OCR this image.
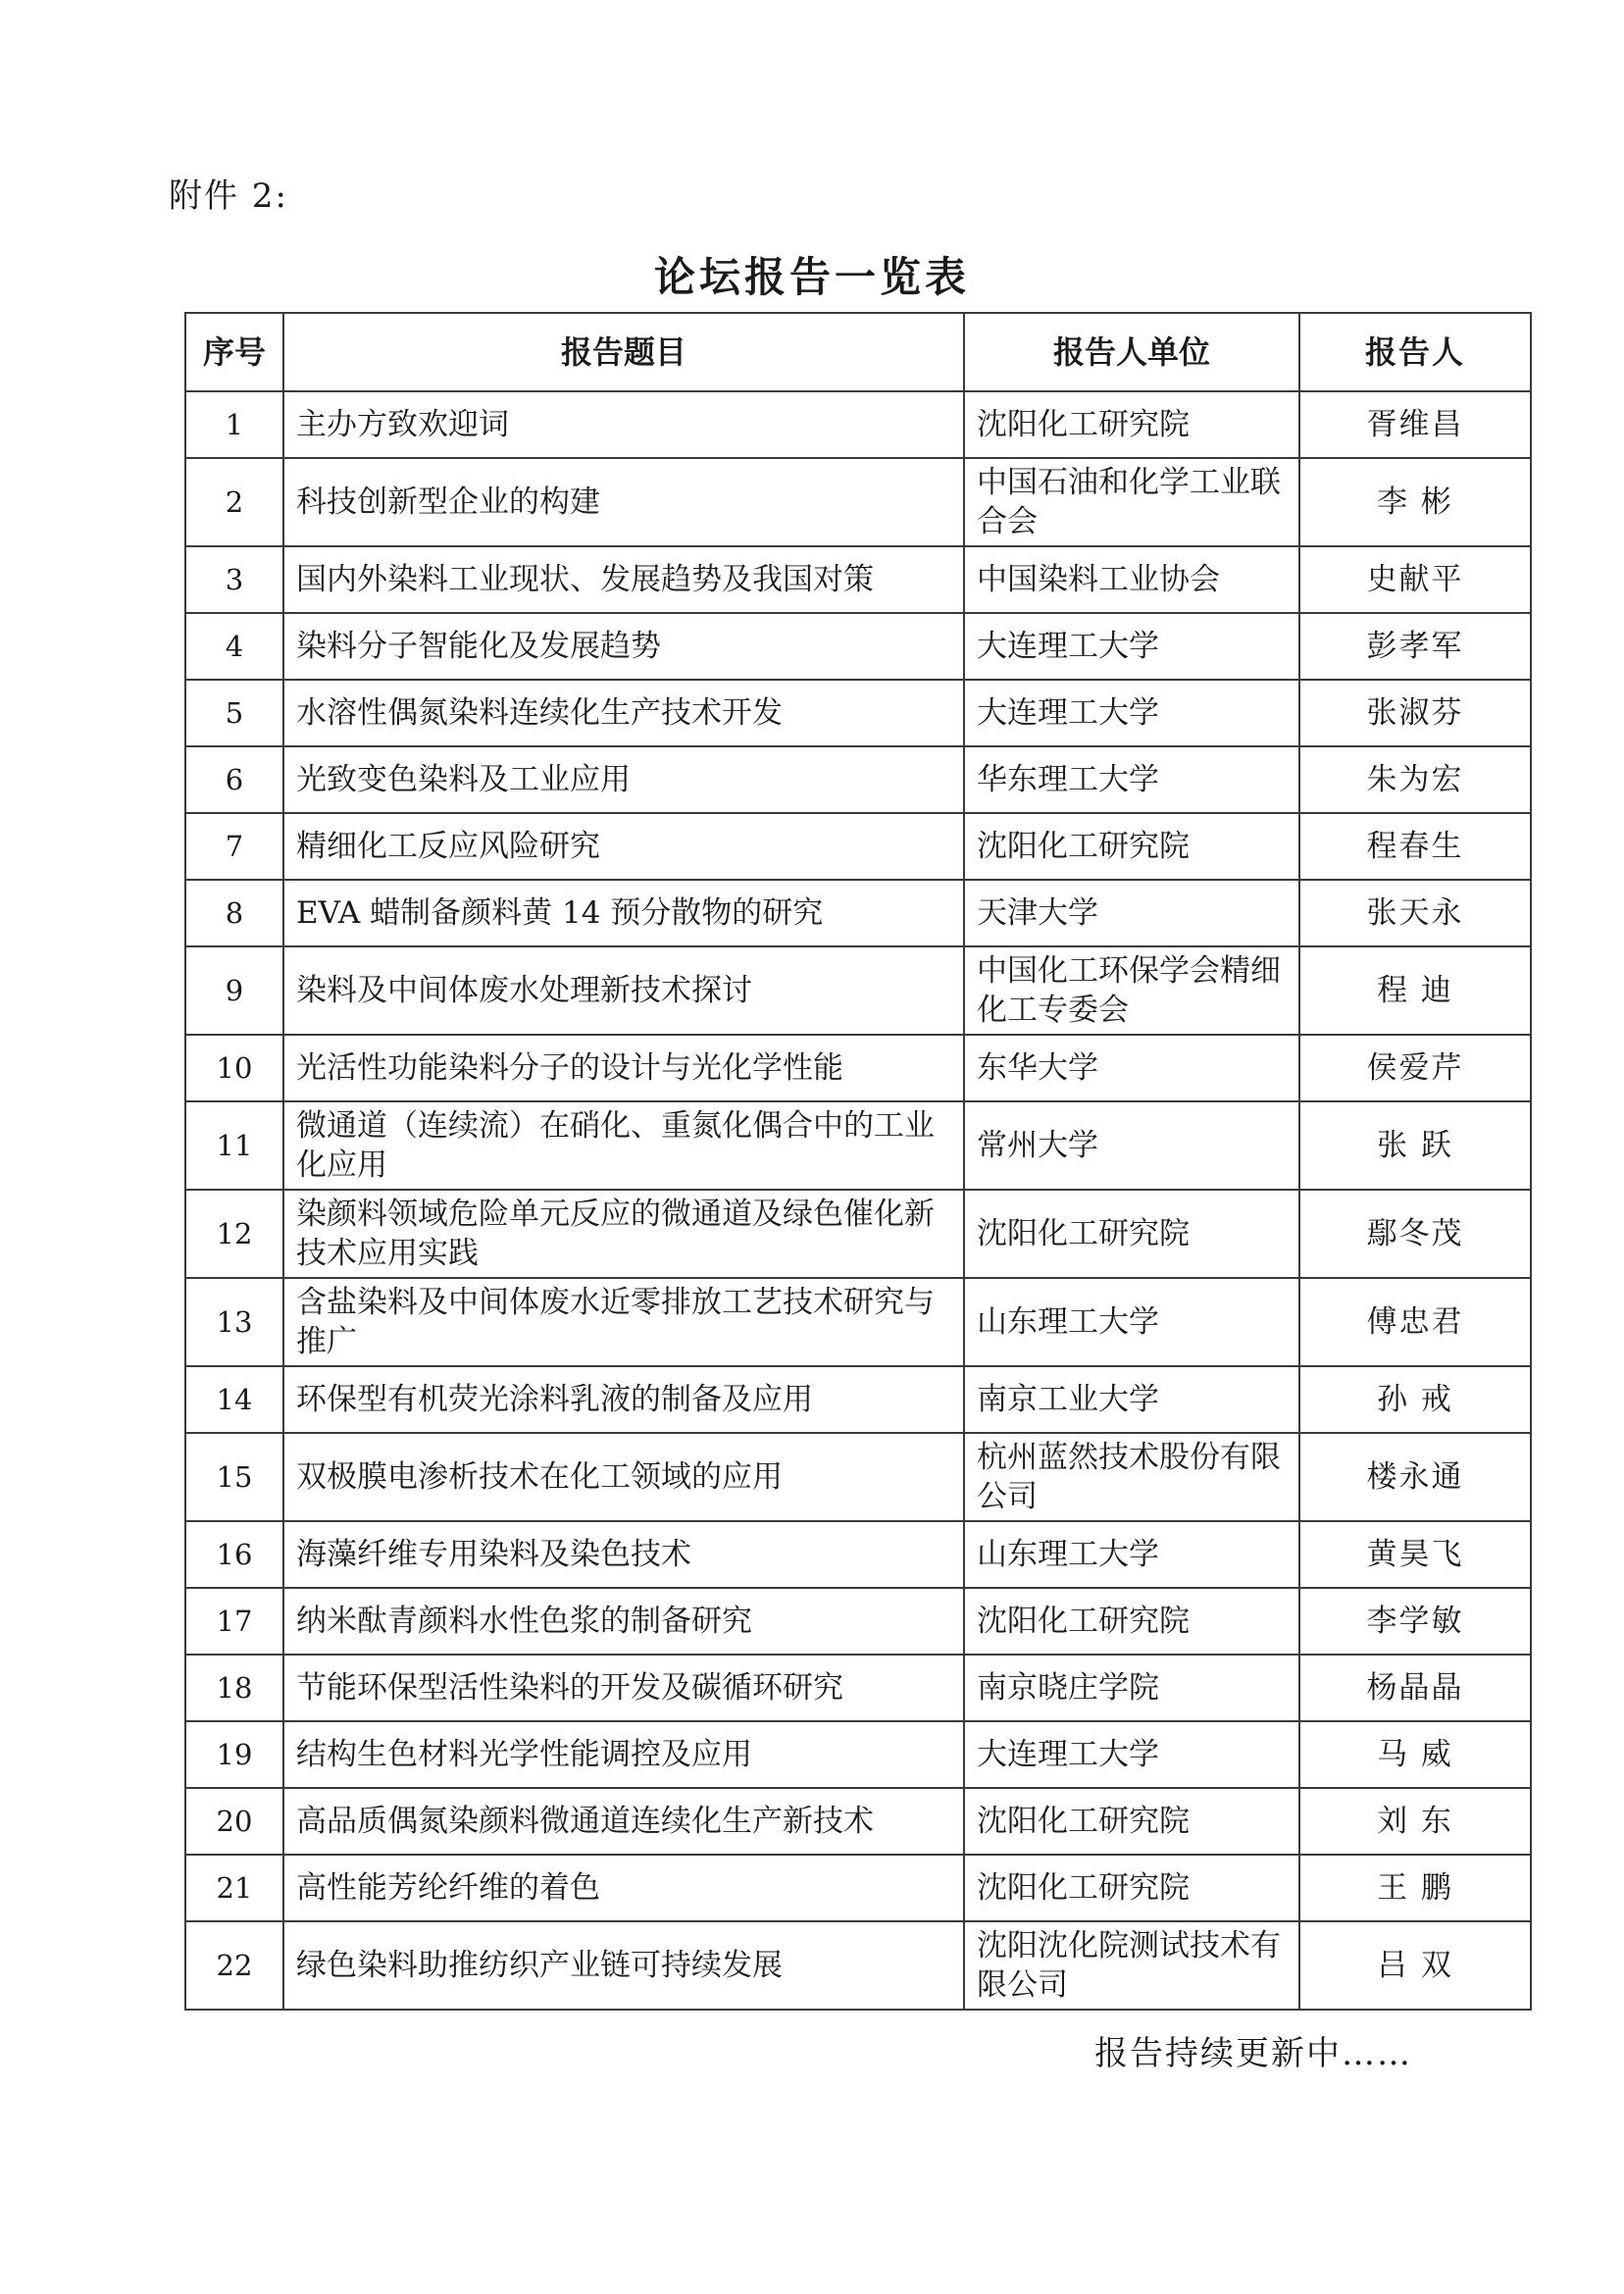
附件 2:
论坛报告一览表
序号	报告题目	报告人单位	报告人
1	主办方致欢迎词	沈阳化工研究院	胥维昌
2	科技创新型企业的构建	中国石油和化学工业联合会	李 彬
3	国内外染料工业现状、发展趋势及我国对策	中国染料工业协会	史献平
4	染料分子智能化及发展趋势	大连理工大学	彭孝军
5	水溶性偶氮染料连续化生产技术开发	大连理工大学	张淑芬
6	光致变色染料及工业应用	华东理工大学	朱为宏
7	精细化工反应风险研究	沈阳化工研究院	程春生
8	EVA 蜡制备颜料黄 14 预分散物的研究	天津大学	张天永
9	染料及中间体废水处理新技术探讨	中国化工环保学会精细化工专委会	程 迪
10	光活性功能染料分子的设计与光化学性能	东华大学	侯爱芹
11	微通道（连续流）在硝化、重氮化偶合中的工业化应用	常州大学	张 跃
12	染颜料领域危险单元反应的微通道及绿色催化新技术应用实践	沈阳化工研究院	鄢冬茂
13	含盐染料及中间体废水近零排放工艺技术研究与推广	山东理工大学	傅忠君
14	环保型有机荧光涂料乳液的制备及应用	南京工业大学	孙 戒
15	双极膜电渗析技术在化工领域的应用	杭州蓝然技术股份有限公司	楼永通
16	海藻纤维专用染料及染色技术	山东理工大学	黄昊飞
17	纳米酞青颜料水性色浆的制备研究	沈阳化工研究院	李学敏
18	节能环保型活性染料的开发及碳循环研究	南京晓庄学院	杨晶晶
19	结构生色材料光学性能调控及应用	大连理工大学	马 威
20	高品质偶氮染颜料微通道连续化生产新技术	沈阳化工研究院	刘 东
21	高性能芳纶纤维的着色	沈阳化工研究院	王 鹏
22	绿色染料助推纺织产业链可持续发展	沈阳沈化院测试技术有限公司	吕 双
报告持续更新中……
